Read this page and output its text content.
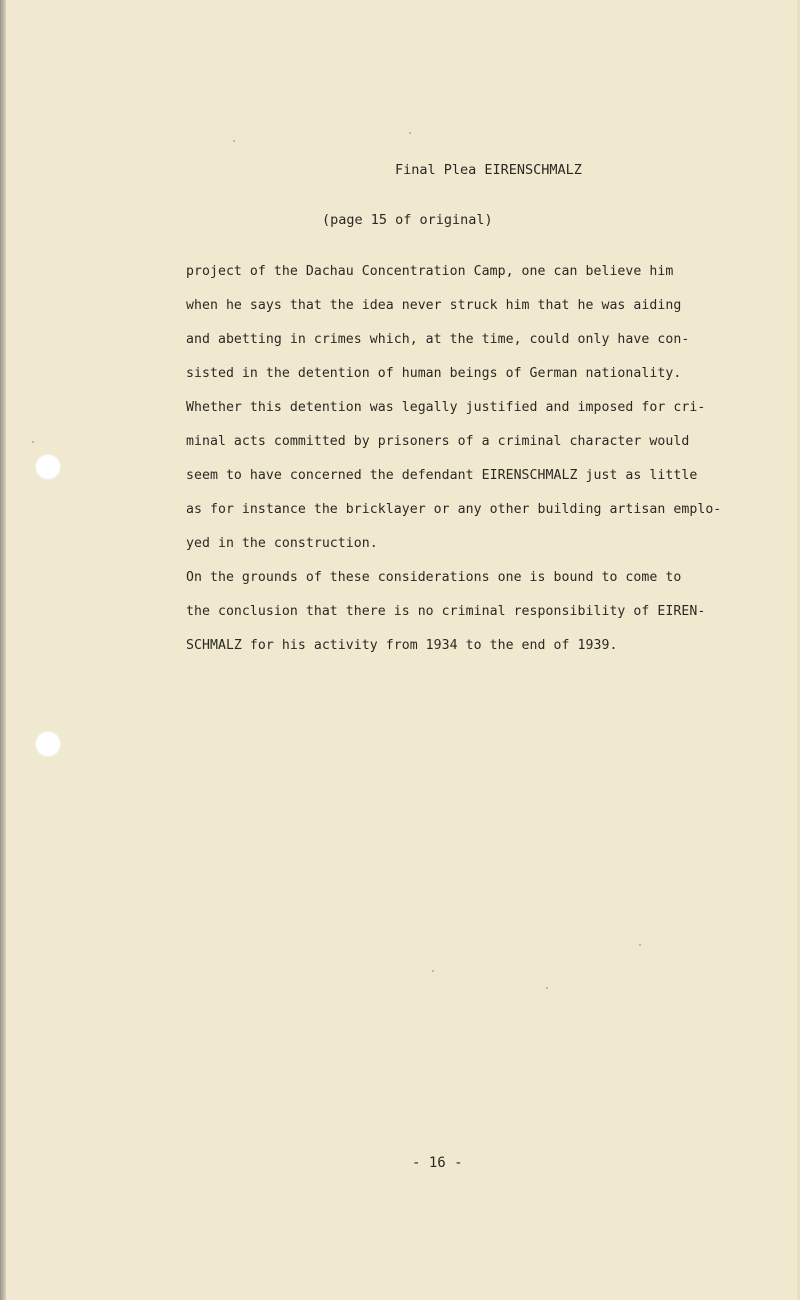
Final Plea EIRENSCHMALZ
(page 15 of original)
project of the Dachau Concentration Camp, one can believe him
when he says that the idea never struck him that he was aiding
and abetting in crimes which, at the time, could only have con-
sisted in the detention of human beings of German nationality.
Whether this detention was legally justified and imposed for cri-
minal acts committed by prisoners of a criminal character would
seem to have concerned the defendant EIRENSCHMALZ just as little
as for instance the bricklayer or any other building artisan emplo-
yed in the construction.
On the grounds of these considerations one is bound to come to
the conclusion that there is no criminal responsibility of EIREN-
SCHMALZ for his activity from 1934 to the end of 1939.
- 16 -
